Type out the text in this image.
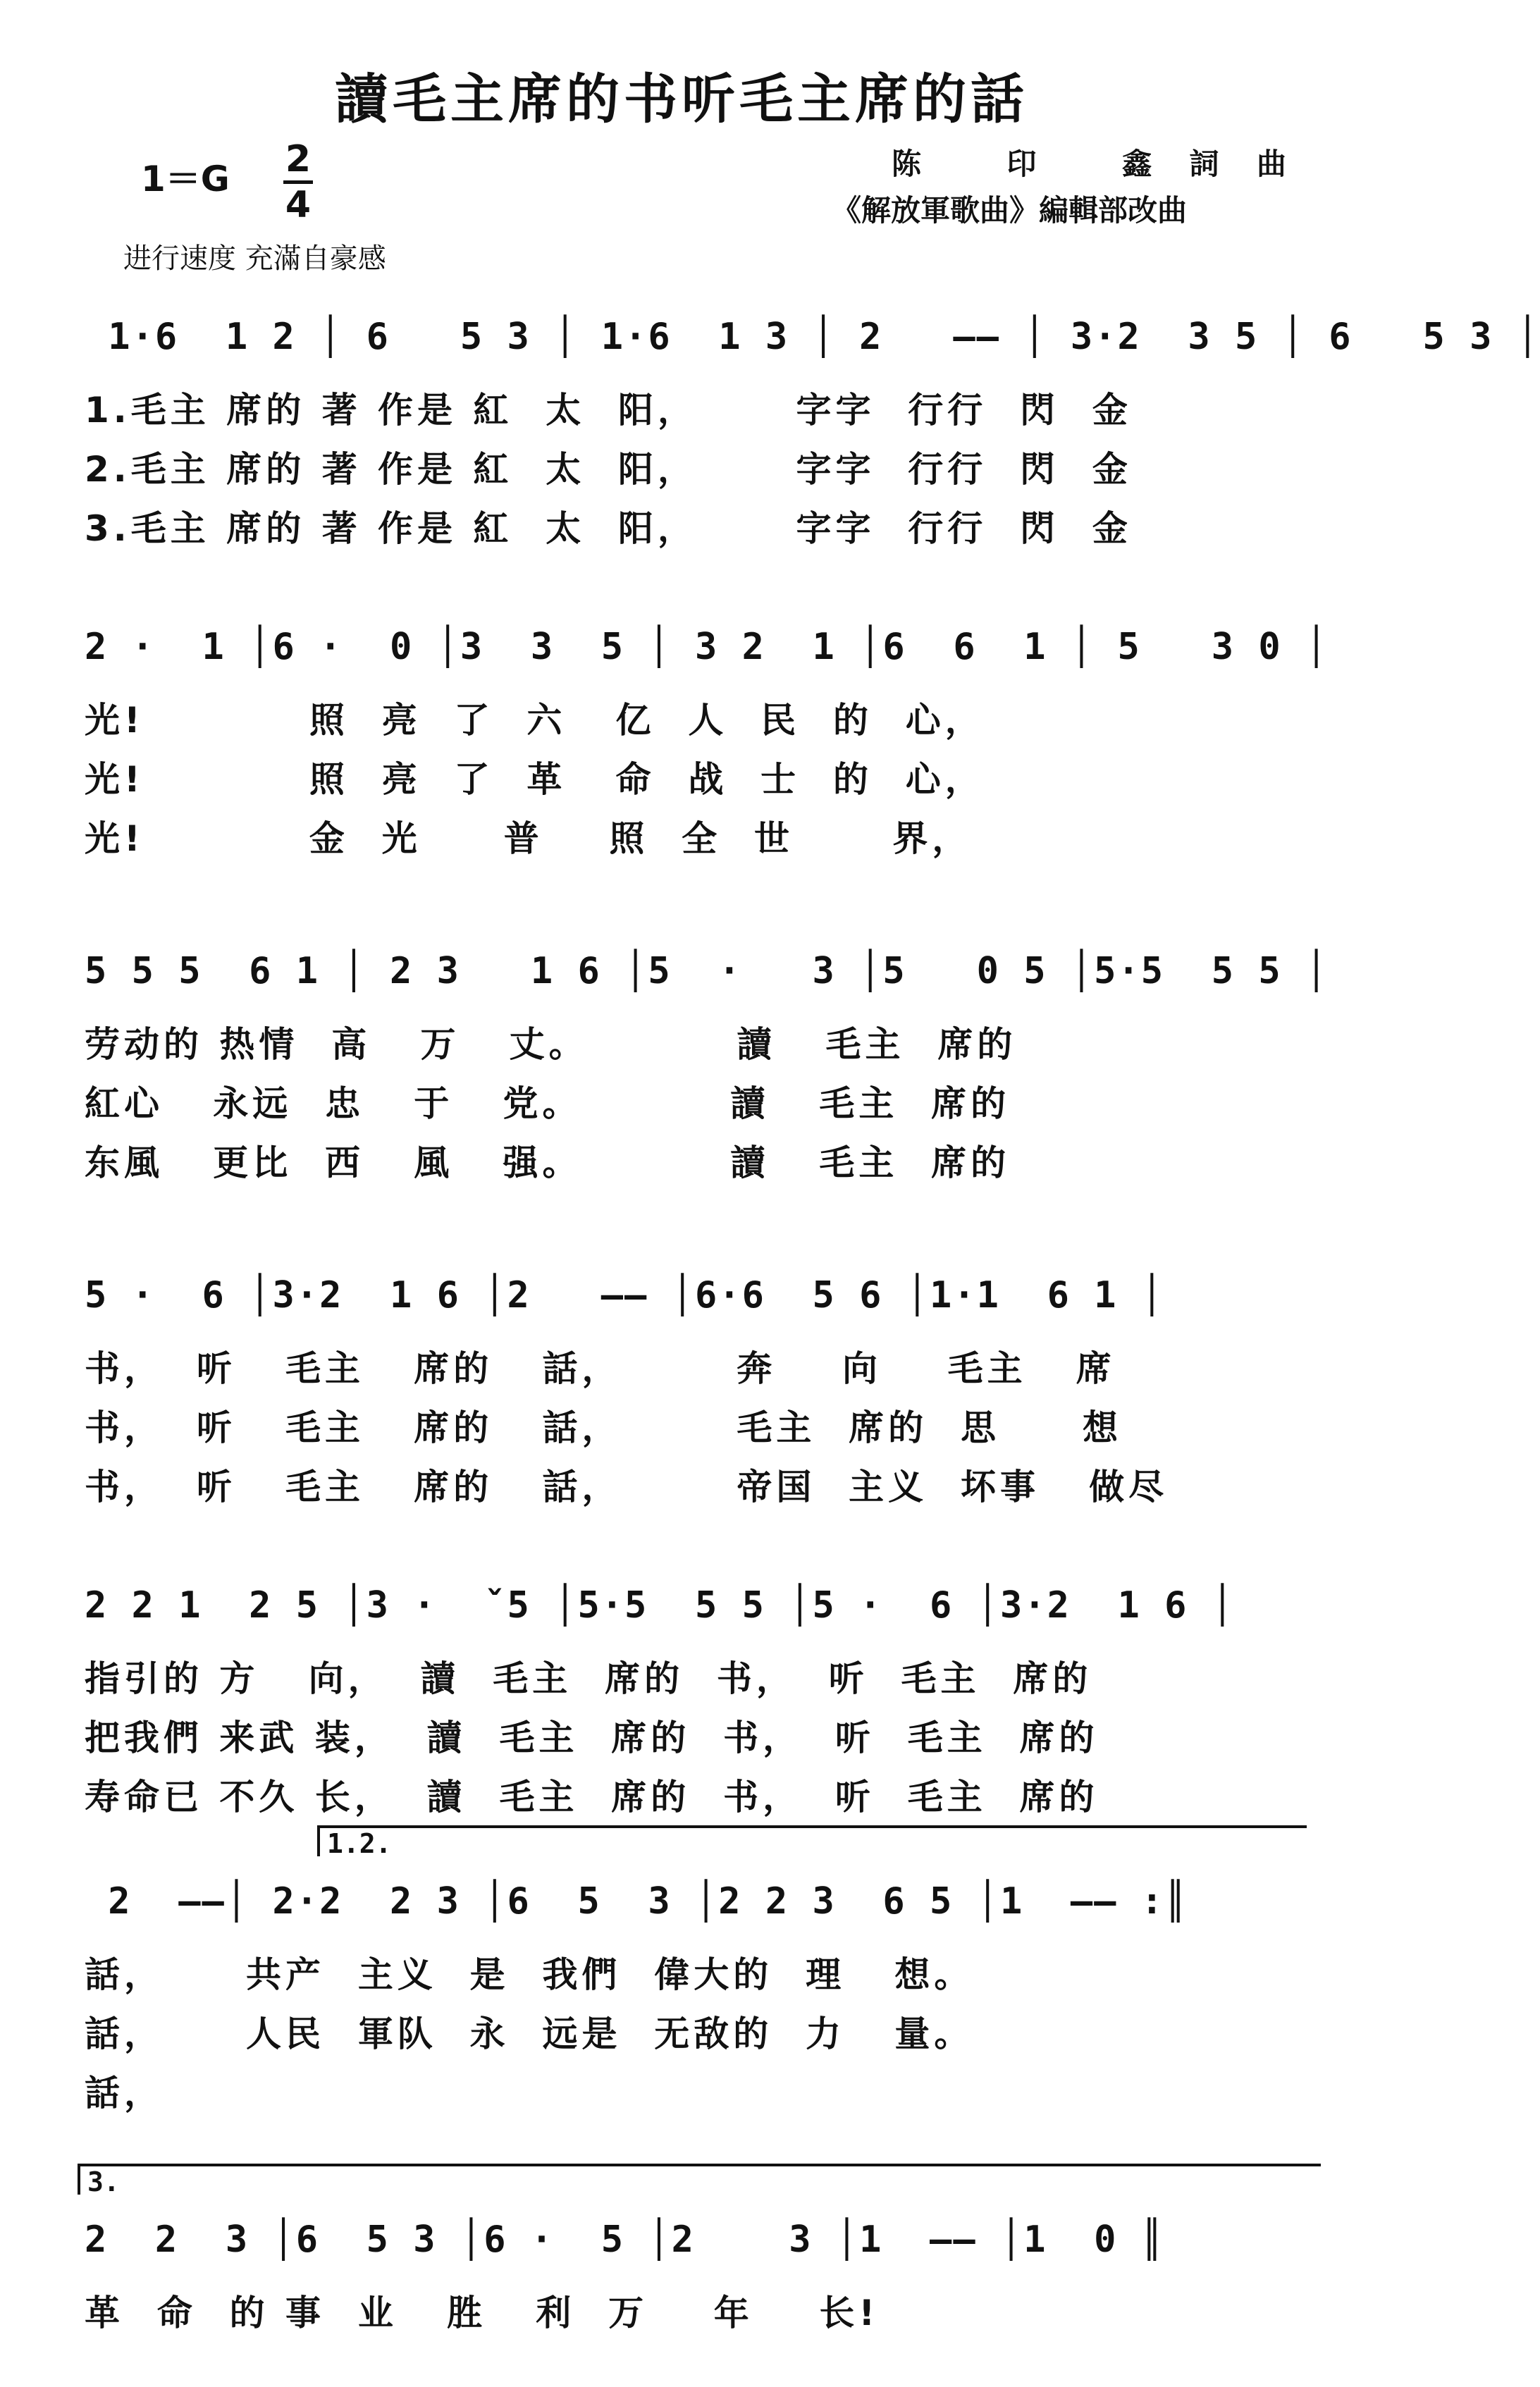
讀毛主席的书听毛主席的話
1＝G 2
4
陈 印 鑫詞曲
《解放軍歌曲》編輯部改曲
进行速度 充滿自豪感
1·6  1 2 │ 6   5 3 │ 1·6  1 3 │ 2   —— │ 3·2  3 5 │ 6   5 3 │
1.毛主 席的 著 作是 紅  太  阳，      字字  行行  閃  金
2.毛主 席的 著 作是 紅  太  阳，      字字  行行  閃  金
3.毛主 席的 著 作是 紅  太  阳，      字字  行行  閃  金
2 ·  1 │6 ·  0 │3  3  5 │ 3 2  1 │6  6  1 │ 5   3 0 │
光!          照  亮  了  六   亿  人  民  的  心，
光!          照  亮  了  革   命  战  士  的  心，
光!          金  光     普    照  全  世      界，
5 5 5  6 1 │ 2 3   1 6 │5  ·   3 │5   0 5 │5·5  5 5 │
劳动的 热情  高   万   丈。         讀   毛主  席的
紅心   永远  忠   于   党。         讀   毛主  席的
东風   更比  西   風   强。         讀   毛主  席的
5 ·  6 │3·2  1 6 │2   —— │6·6  5 6 │1·1  6 1 │
书，  听   毛主   席的   話，       奔    向    毛主   席
书，  听   毛主   席的   話，       毛主  席的  思     想
书，  听   毛主   席的   話，       帝国  主义  坏事   做尽
2 2 1  2 5 │3 ·  ˇ5 │5·5  5 5 │5 ·  6 │3·2  1 6 │
指引的 方   向，  讀  毛主  席的  书，  听  毛主  席的
把我們 来武 装，  讀  毛主  席的  书，  听  毛主  席的
寿命已 不久 长，  讀  毛主  席的  书，  听  毛主  席的
1.2.
2  ——│ 2·2  2 3 │6  5  3 │2 2 3  6 5 │1  —— :║
話，     共产  主义  是  我們  偉大的  理   想。
話，     人民  軍队  永  远是  无敌的  力   量。
話，
3.
2  2  3 │6  5 3 │6 ·  5 │2    3 │1  —— │1  0 ║
革  命  的 事  业   胜   利  万    年    长!
